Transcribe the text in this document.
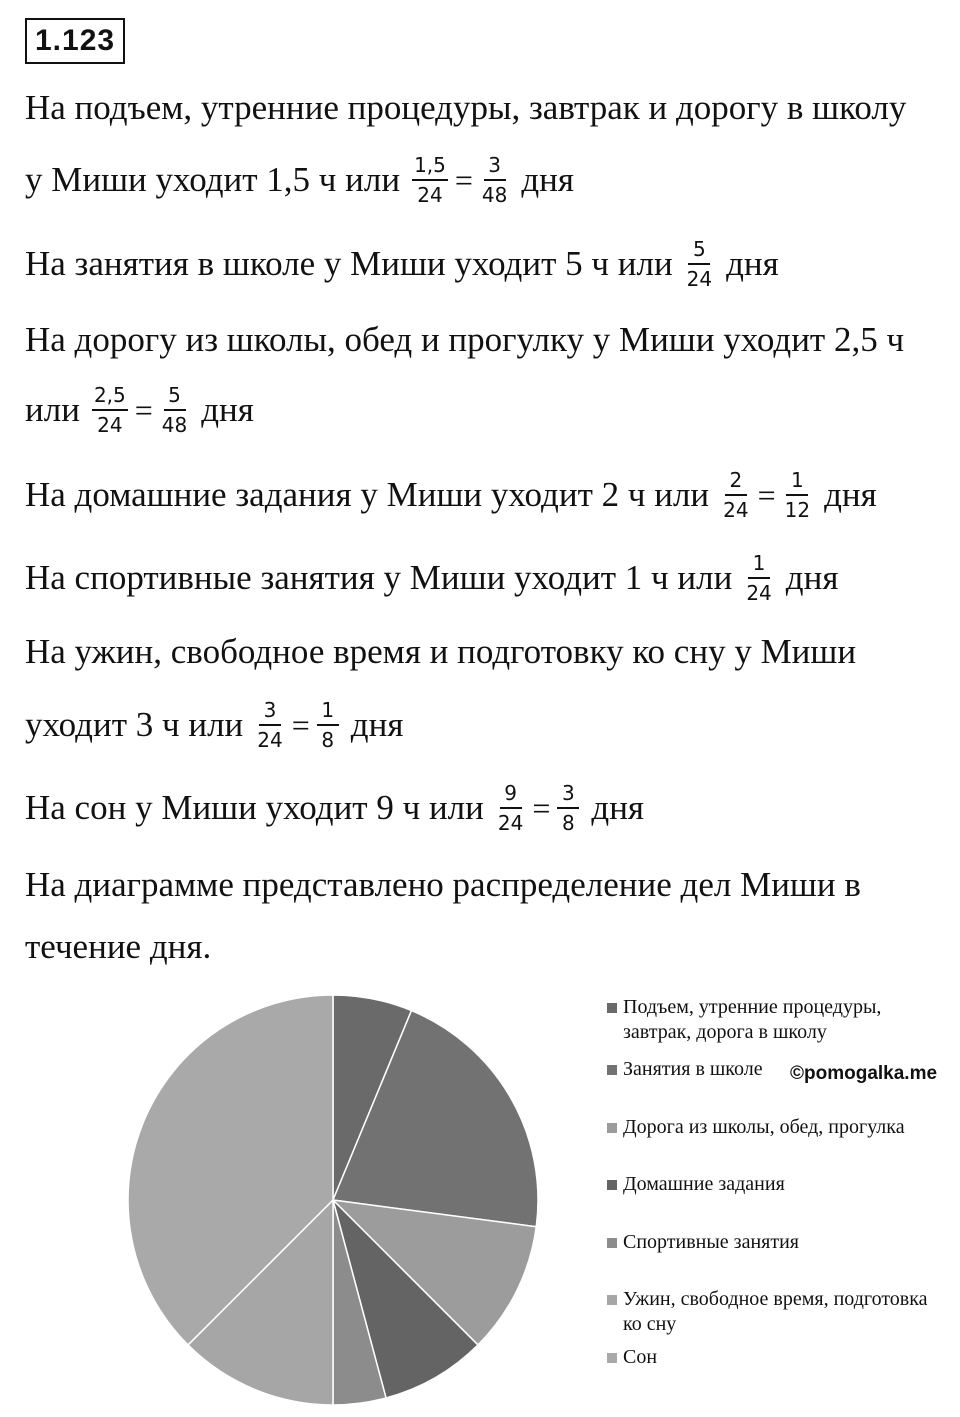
1.123
На подъем, утренние процедуры, завтрак и дорогу в школу
у Миши уходит 1,5 ч или $\frac{1,5}{24} = \frac{3}{48}$ дня
На занятия в школе у Миши уходит 5 ч или $\frac{5}{24}$ дня
На дорогу из школы, обед и прогулку у Миши уходит 2,5 ч
или $\frac{2,5}{24} = \frac{5}{48}$ дня
На домашние задания у Миши уходит 2 ч или $\frac{2}{24} = \frac{1}{12}$ дня
На спортивные занятия у Миши уходит 1 ч или $\frac{1}{24}$ дня
На ужин, свободное время и подготовку ко сну у Миши
уходит 3 ч или $\frac{3}{24} = \frac{1}{8}$ дня
На сон у Миши уходит 9 ч или $\frac{9}{24} = \frac{3}{8}$ дня
На диаграмме представлено распределение дел Миши в
течение дня.
Подъем, утренние процедуры, завтрак, дорога в школу
Занятия в школе
Дорога из школы, обед, прогулка
Домашние задания
Спортивные занятия
Ужин, свободное время, подготовка ко сну
Сон
©pomogalka.me
